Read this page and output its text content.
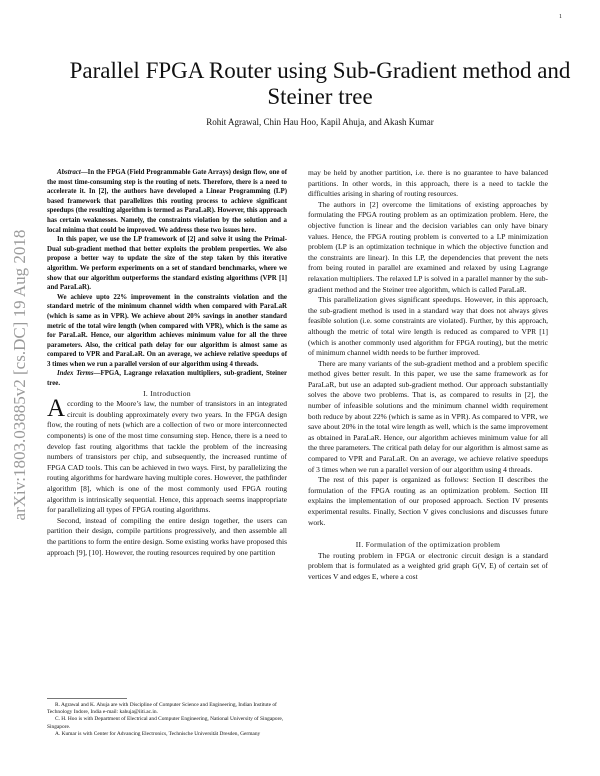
1
arXiv:1803.03885v2 [cs.DC] 19 Aug 2018
Parallel FPGA Router using Sub-Gradient method and Steiner tree
Rohit Agrawal, Chin Hau Hoo, Kapil Ahuja, and Akash Kumar

Abstract—In the FPGA (Field Programmable Gate Arrays) design flow, one of the most time-consuming step is the routing of nets. Therefore, there is a need to accelerate it. In [2], the authors have developed a Linear Programming (LP) based framework that parallelizes this routing process to achieve significant speedups (the resulting algorithm is termed as ParaLaR). However, this approach has certain weaknesses. Namely, the constraints violation by the solution and a local minima that could be improved. We address these two issues here.

In this paper, we use the LP framework of [2] and solve it using the Primal-Dual sub-gradient method that better exploits the problem properties. We also propose a better way to update the size of the step taken by this iterative algorithm. We perform experiments on a set of standard benchmarks, where we show that our algorithm outperforms the standard existing algorithms (VPR [1] and ParaLaR).

We achieve upto 22% improvement in the constraints violation and the standard metric of the minimum channel width when compared with ParaLaR (which is same as in VPR). We achieve about 20% savings in another standard metric of the total wire length (when compared with VPR), which is the same as for ParaLaR. Hence, our algorithm achieves minimum value for all the three parameters. Also, the critical path delay for our algorithm is almost same as compared to VPR and ParaLaR. On an average, we achieve relative speedups of 3 times when we run a parallel version of our algorithm using 4 threads.

Index Terms—FPGA, Lagrange relaxation multipliers, sub-gradient, Steiner tree.

I. Introduction

According to the Moore’s law, the number of transistors in an integrated circuit is doubling approximately every two years. In the FPGA design flow, the routing of nets (which are a collection of two or more interconnected components) is one of the most time consuming step. Hence, there is a need to develop fast routing algorithms that tackle the problem of the increasing numbers of transistors per chip, and subsequently, the increased runtime of FPGA CAD tools. This can be achieved in two ways. First, by parallelizing the routing algorithms for hardware having multiple cores. However, the pathfinder algorithm [8], which is one of the most commonly used FPGA routing algorithm is intrinsically sequential. Hence, this approach seems inappropriate for parallelizing all types of FPGA routing algorithms.

Second, instead of compiling the entire design together, the users can partition their design, compile partitions progressively, and then assemble all the partitions to form the entire design. Some existing works have proposed this approach [9], [10]. However, the routing resources required by one partition

R. Agrawal and K. Ahuja are with Discipline of Computer Science and Engineering, Indian Institute of Technology Indore, India e-mail: kahuja@iiti.ac.in.
C. H. Hoo is with Department of Electrical and Computer Engineering, National University of Singapore, Singapore.
A. Kumar is with Center for Advancing Electronics, Technische Universität Dresden, Germany

may be held by another partition, i.e. there is no guarantee to have balanced partitions. In other words, in this approach, there is a need to tackle the difficulties arising in sharing of routing resources.

The authors in [2] overcome the limitations of existing approaches by formulating the FPGA routing problem as an optimization problem. Here, the objective function is linear and the decision variables can only have binary values. Hence, the FPGA routing problem is converted to a LP minimization problem (LP is an optimization technique in which the objective function and the constraints are linear). In this LP, the dependencies that prevent the nets from being routed in parallel are examined and relaxed by using Lagrange relaxation multipliers. The relaxed LP is solved in a parallel manner by the sub-gradient method and the Steiner tree algorithm, which is called ParaLaR.

This parallelization gives significant speedups. However, in this approach, the sub-gradient method is used in a standard way that does not always gives feasible solution (i.e. some constraints are violated). Further, by this approach, although the metric of total wire length is reduced as compared to VPR [1] (which is another commonly used algorithm for FPGA routing), but the metric of minimum channel width needs to be further improved.

There are many variants of the sub-gradient method and a problem specific method gives better result. In this paper, we use the same framework as for ParaLaR, but use an adapted sub-gradient method. Our approach substantially solves the above two problems. That is, as compared to results in [2], the number of infeasible solutions and the minimum channel width requirement both reduce by about 22% (which is same as in VPR). As compared to VPR, we save about 20% in the total wire length as well, which is the same improvement as obtained in ParaLaR. Hence, our algorithm achieves minimum value for all the three parameters. The critical path delay for our algorithm is almost same as compared to VPR and ParaLaR. On an average, we achieve relative speedups of 3 times when we run a parallel version of our algorithm using 4 threads.

The rest of this paper is organized as follows: Section II describes the formulation of the FPGA routing as an optimization problem. Section III explains the implementation of our proposed approach. Section IV presents experimental results. Finally, Section V gives conclusions and discusses future work.

II. Formulation of the optimization problem

The routing problem in FPGA or electronic circuit design is a standard problem that is formulated as a weighted grid graph G(V, E) of certain set of vertices V and edges E, where a cost
